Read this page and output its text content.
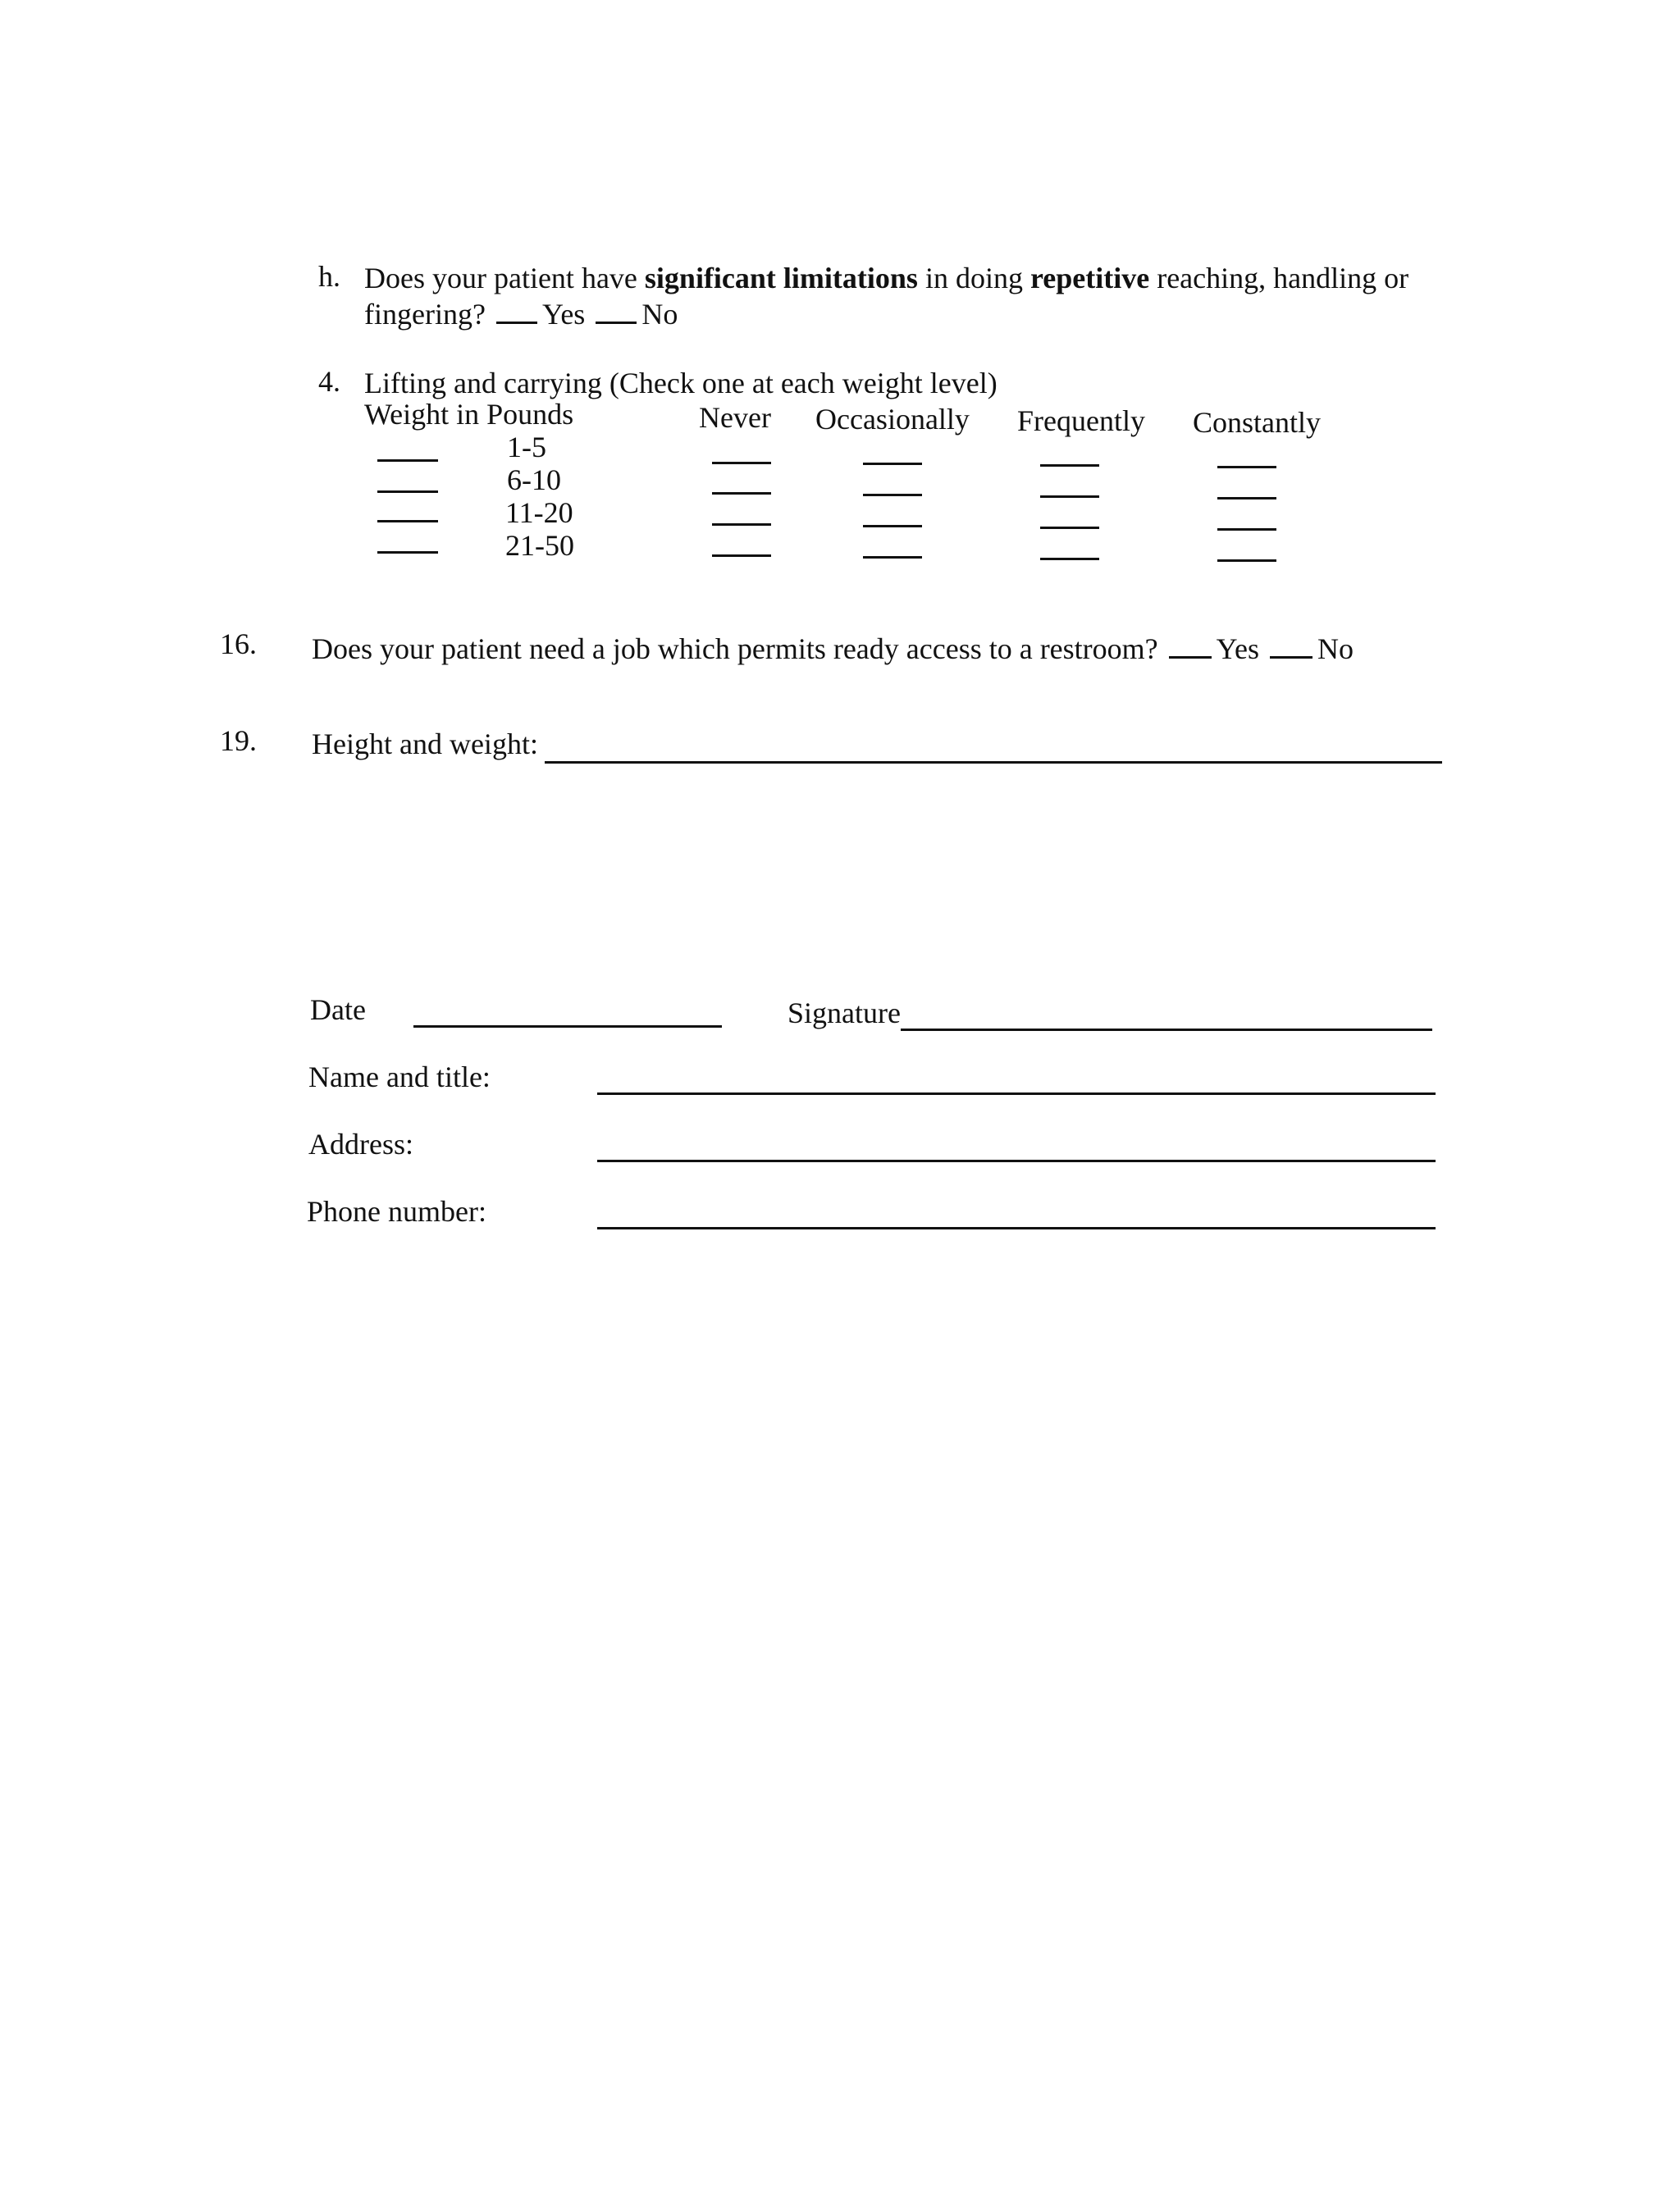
h. Does your patient have significant limitations in doing repetitive reaching, handling or
fingering? Yes No
4. Lifting and carrying (Check one at each weight level)
Weight in Pounds	Never Occasionally Frequently Constantly
1-5
6-10
11-20
21-50
16. Does your patient need a job which permits ready access to a restroom? Yes No
19. Height and weight:
Date	Signature
Name and title:
Address:
Phone number:
